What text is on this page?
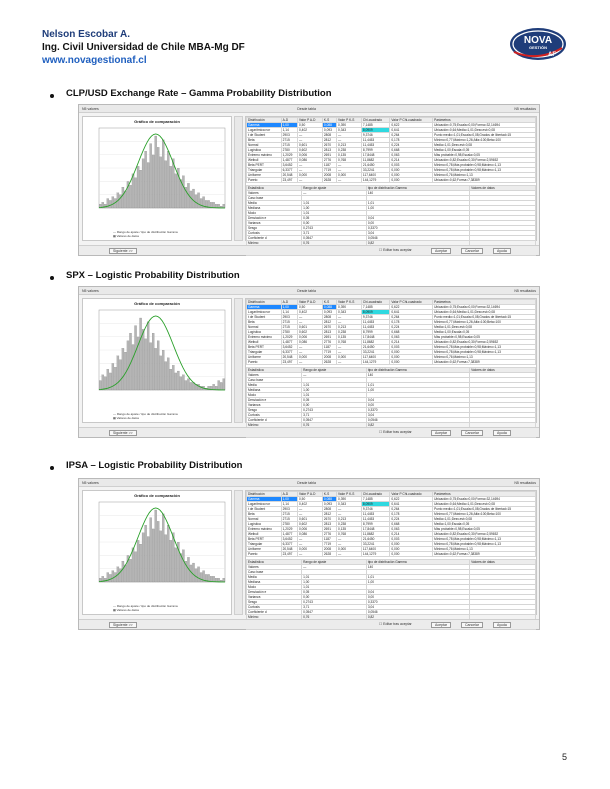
Nelson Escobar A.
Ing. Civil Universidad de Chile MBA-Mg DF
www.novagestionaf.cl
NOVA
GESTIÓN
AF
CLP/USD Exchange Rate – Gamma Probability Distribution
N5 valores	Desde tabla	N5 resultados
Gráfico de comparación
— Rango de ajuste / tipo de distribución Gamma
▦ Valores de datos
Distribución	A-D	Valor P A-D	K-S	Valor P K-S	Chi-cuadrado	Valor P Chi-cuadrado	Parámetros
Gamma	1,00	0,50	0,088	0,390	7,1485	0,622	Ubicación=0,75;Escala=0,00;Forma=32,14694
Logarítmica nor	1,14	0,402	0,093	0,343	8,0909	0,641	Ubicación=0,64;Media=1,01;Desv.est=0,08
t de Student	2903	—	2808	—	9,3746	0,264	Punto medio=1,01;Escala=0,08;Grados de libertad=15
Beta	2715	—	2812	—	11,4453	0,178	Mínimo=0,77;Máximo=1,26;Alfa=100;Beta=100
Normal	2715	0,601	2670	0,213	11,4453	0,224	Media=1,01;Desv.est=0,08
Logística	2780	0,602	2813	0,238	8,7999	0,668	Media=1,00;Escala=0,05
Extremo máximo	1,2029	0,006	2691	0,135	17,8448	0,063	Más probable=0,98;Escala=0,05
Weibull	1,4877	0,086	2776	0,768	11,8682	0,214	Ubicación=0,82;Escala=0,30;Forma=2,59652
Beta PERT	3,6452	—	1187	—	21,6450	0,003	Mínimo=0,78;Más probable=0,98;Máximo=1,13
Triangular	6,3377	—	7719	—	33,2241	0,000	Mínimo=0,78;Más probable=0,98;Máximo=1,13
Uniforme	20,548	0,000	2008	0,000	117,6400	0,000	Mínimo=0,76;Máximo=1,13
Pareto	23,497	—	2628	—	144,1279	0,000	Ubicación=0,62;Forma=7,38389
Estadística	Rango de ajuste	tipo de distribución Gamma	Valores de datos
Valores	—	140	
Caso base			
Media	1,01	1,01	
Mediana	1,00	1,00	
Modo	1,01		
Desviación e	0,05	0,04	
Varianza	0,00	0,00	
Sesgo	0,2743	0,3370	
Curtosis	3,71	3,04	
Coeficiente d	0,0547	0,0546	
Mínimo	0,76	0,82	

Siguiente >>	☐ Editar tras aceptar	Aceptar	Cancelar	Ayuda
SPX – Logistic Probability Distribution
N5 valores	Desde tabla	N5 resultados
Gráfico de comparación
— Rango de ajuste / tipo de distribución Gamma
▦ Valores de datos
Distribución	A-D	Valor P A-D	K-S	Valor P K-S	Chi-cuadrado	Valor P Chi-cuadrado	Parámetros
Gamma	1,00	0,50	0,088	0,390	7,1485	0,622	Ubicación=0,75;Escala=0,00;Forma=32,14694
Logarítmica nor	1,14	0,402	0,093	0,343	8,0909	0,641	Ubicación=0,64;Media=1,01;Desv.est=0,08
t de Student	2903	—	2808	—	9,3746	0,264	Punto medio=1,01;Escala=0,08;Grados de libertad=15
Beta	2715	—	2812	—	11,4453	0,178	Mínimo=0,77;Máximo=1,26;Alfa=100;Beta=100
Normal	2715	0,601	2670	0,213	11,4453	0,224	Media=1,01;Desv.est=0,08
Logística	2780	0,602	2813	0,238	8,7999	0,668	Media=1,00;Escala=0,05
Extremo máximo	1,2029	0,006	2691	0,135	17,8448	0,063	Más probable=0,98;Escala=0,05
Weibull	1,4877	0,086	2776	0,768	11,8682	0,214	Ubicación=0,82;Escala=0,30;Forma=2,59652
Beta PERT	3,6452	—	1187	—	21,6450	0,003	Mínimo=0,78;Más probable=0,98;Máximo=1,13
Triangular	6,3377	—	7719	—	33,2241	0,000	Mínimo=0,78;Más probable=0,98;Máximo=1,13
Uniforme	20,548	0,000	2008	0,000	117,6400	0,000	Mínimo=0,76;Máximo=1,13
Pareto	23,497	—	2628	—	144,1279	0,000	Ubicación=0,62;Forma=7,38389
Estadística	Rango de ajuste	tipo de distribución Gamma	Valores de datos
Valores	—	140	
Caso base			
Media	1,01	1,01	
Mediana	1,00	1,00	
Modo	1,01		
Desviación e	0,05	0,04	
Varianza	0,00	0,00	
Sesgo	0,2743	0,3370	
Curtosis	3,71	3,04	
Coeficiente d	0,0547	0,0546	
Mínimo	0,76	0,82	

Siguiente >>	☐ Editar tras aceptar	Aceptar	Cancelar	Ayuda
IPSA – Logistic Probability Distribution
N5 valores	Desde tabla	N5 resultados
Gráfico de comparación
— Rango de ajuste / tipo de distribución Gamma
▦ Valores de datos
Distribución	A-D	Valor P A-D	K-S	Valor P K-S	Chi-cuadrado	Valor P Chi-cuadrado	Parámetros
Gamma	1,00	0,50	0,088	0,390	7,1485	0,622	Ubicación=0,75;Escala=0,00;Forma=32,14694
Logarítmica nor	1,14	0,402	0,093	0,343	8,0909	0,641	Ubicación=0,64;Media=1,01;Desv.est=0,08
t de Student	2903	—	2808	—	9,3746	0,264	Punto medio=1,01;Escala=0,08;Grados de libertad=15
Beta	2715	—	2812	—	11,4453	0,178	Mínimo=0,77;Máximo=1,26;Alfa=100;Beta=100
Normal	2715	0,601	2670	0,213	11,4453	0,224	Media=1,01;Desv.est=0,08
Logística	2780	0,602	2813	0,238	8,7999	0,668	Media=1,00;Escala=0,05
Extremo máximo	1,2029	0,006	2691	0,135	17,8448	0,063	Más probable=0,98;Escala=0,05
Weibull	1,4877	0,086	2776	0,768	11,8682	0,214	Ubicación=0,82;Escala=0,30;Forma=2,59652
Beta PERT	3,6452	—	1187	—	21,6450	0,003	Mínimo=0,78;Más probable=0,98;Máximo=1,13
Triangular	6,3377	—	7719	—	33,2241	0,000	Mínimo=0,78;Más probable=0,98;Máximo=1,13
Uniforme	20,548	0,000	2008	0,000	117,6400	0,000	Mínimo=0,76;Máximo=1,13
Pareto	23,497	—	2628	—	144,1279	0,000	Ubicación=0,62;Forma=7,38389
Estadística	Rango de ajuste	tipo de distribución Gamma	Valores de datos
Valores	—	140	
Caso base			
Media	1,01	1,01	
Mediana	1,00	1,00	
Modo	1,01		
Desviación e	0,05	0,04	
Varianza	0,00	0,00	
Sesgo	0,2743	0,3370	
Curtosis	3,71	3,04	
Coeficiente d	0,0547	0,0546	
Mínimo	0,76	0,82	

Siguiente >>	☐ Editar tras aceptar	Aceptar	Cancelar	Ayuda
5
